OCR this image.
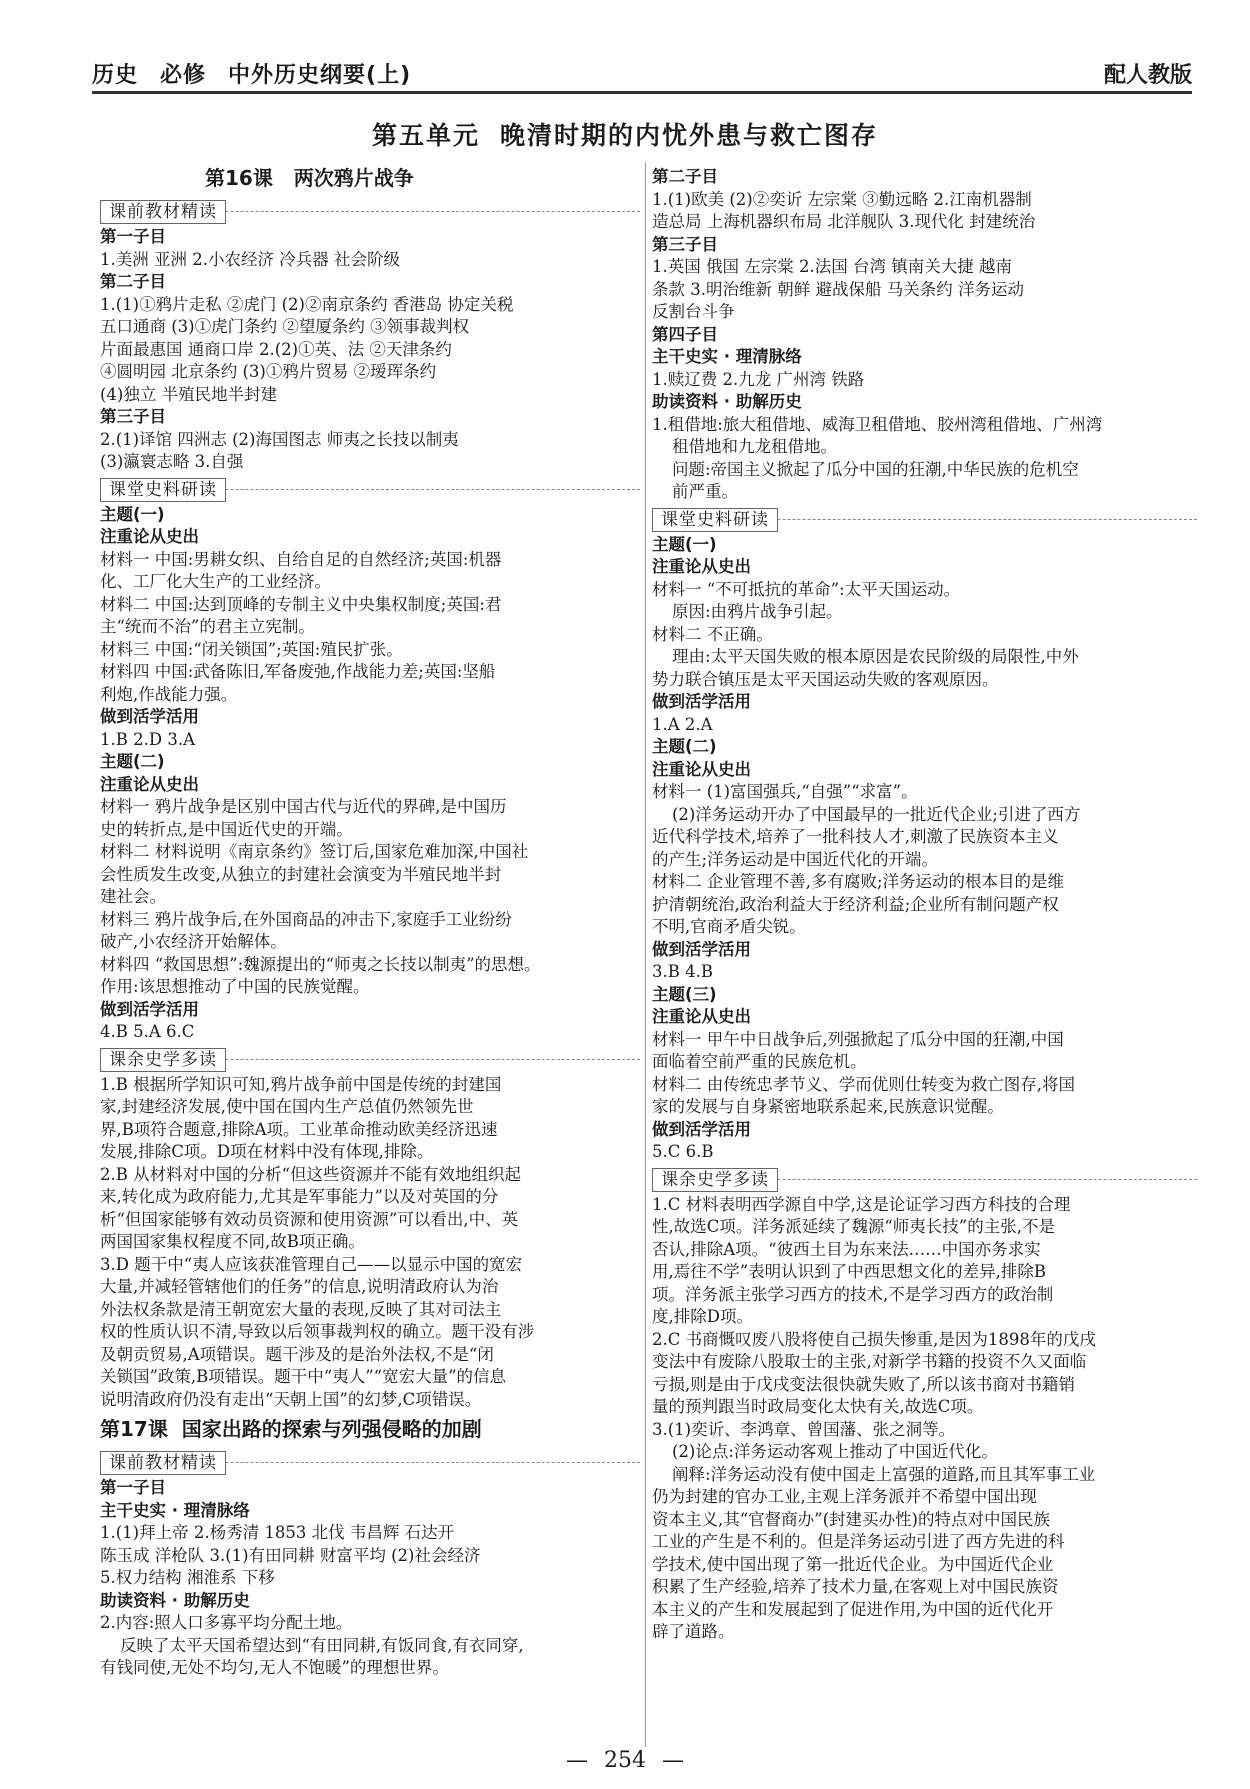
历史 必修 中外历史纲要(上)	配人教版
第五单元 晚清时期的内忧外患与救亡图存
第16课 两次鸦片战争
课前教材精读
第一子目
1.美洲 亚洲 2.小农经济 冷兵器 社会阶级
第二子目
1.(1)①鸦片走私 ②虎门 (2)②南京条约 香港岛 协定关税
五口通商 (3)①虎门条约 ②望厦条约 ③领事裁判权
片面最惠国 通商口岸 2.(2)①英、法 ②天津条约
④圆明园 北京条约 (3)①鸦片贸易 ②瑷珲条约
(4)独立 半殖民地半封建
第三子目
2.(1)译馆 四洲志 (2)海国图志 师夷之长技以制夷
(3)瀛寰志略 3.自强
课堂史料研读
主题(一)
注重论从史出
材料一 中国:男耕女织、自给自足的自然经济;英国:机器
化、工厂化大生产的工业经济。
材料二 中国:达到顶峰的专制主义中央集权制度;英国:君
主“统而不治”的君主立宪制。
材料三 中国:“闭关锁国”;英国:殖民扩张。
材料四 中国:武备陈旧,军备废弛,作战能力差;英国:坚船
利炮,作战能力强。
做到活学活用
1.B 2.D 3.A
主题(二)
注重论从史出
材料一 鸦片战争是区别中国古代与近代的界碑,是中国历
史的转折点,是中国近代史的开端。
材料二 材料说明《南京条约》签订后,国家危难加深,中国社
会性质发生改变,从独立的封建社会演变为半殖民地半封
建社会。
材料三 鸦片战争后,在外国商品的冲击下,家庭手工业纷纷
破产,小农经济开始解体。
材料四 “救国思想”:魏源提出的“师夷之长技以制夷”的思想。
作用:该思想推动了中国的民族觉醒。
做到活学活用
4.B 5.A 6.C
课余史学多读
1.B 根据所学知识可知,鸦片战争前中国是传统的封建国
家,封建经济发展,使中国在国内生产总值仍然领先世
界,B项符合题意,排除A项。工业革命推动欧美经济迅速
发展,排除C项。D项在材料中没有体现,排除。
2.B 从材料对中国的分析“但这些资源并不能有效地组织起
来,转化成为政府能力,尤其是军事能力”以及对英国的分
析“但国家能够有效动员资源和使用资源”可以看出,中、英
两国国家集权程度不同,故B项正确。
3.D 题干中“夷人应该获准管理自己——以显示中国的宽宏
大量,并减轻管辖他们的任务”的信息,说明清政府认为治
外法权条款是清王朝宽宏大量的表现,反映了其对司法主
权的性质认识不清,导致以后领事裁判权的确立。题干没有涉
及朝贡贸易,A项错误。题干涉及的是治外法权,不是“闭
关锁国”政策,B项错误。题干中“夷人”“宽宏大量”的信息
说明清政府仍没有走出“天朝上国”的幻梦,C项错误。
第17课 国家出路的探索与列强侵略的加剧
课前教材精读
第一子目
主干史实 · 理清脉络
1.(1)拜上帝 2.杨秀清 1853 北伐 韦昌辉 石达开
陈玉成 洋枪队 3.(1)有田同耕 财富平均 (2)社会经济
5.权力结构 湘淮系 下移
助读资料 · 助解历史
2.内容:照人口多寡平均分配土地。
反映了太平天国希望达到“有田同耕,有饭同食,有衣同穿,
有钱同使,无处不均匀,无人不饱暖”的理想世界。
第二子目
1.(1)欧美 (2)②奕䜣 左宗棠 ③勤远略 2.江南机器制
造总局 上海机器织布局 北洋舰队 3.现代化 封建统治
第三子目
1.英国 俄国 左宗棠 2.法国 台湾 镇南关大捷 越南
条款 3.明治维新 朝鲜 避战保船 马关条约 洋务运动
反割台斗争
第四子目
主干史实 · 理清脉络
1.赎辽费 2.九龙 广州湾 铁路
助读资料 · 助解历史
1.租借地:旅大租借地、威海卫租借地、胶州湾租借地、广州湾
租借地和九龙租借地。
问题:帝国主义掀起了瓜分中国的狂潮,中华民族的危机空
前严重。
课堂史料研读
主题(一)
注重论从史出
材料一 “不可抵抗的革命”:太平天国运动。
原因:由鸦片战争引起。
材料二 不正确。
理由:太平天国失败的根本原因是农民阶级的局限性,中外
势力联合镇压是太平天国运动失败的客观原因。
做到活学活用
1.A 2.A
主题(二)
注重论从史出
材料一 (1)富国强兵,“自强”“求富”。
(2)洋务运动开办了中国最早的一批近代企业;引进了西方
近代科学技术,培养了一批科技人才,刺激了民族资本主义
的产生;洋务运动是中国近代化的开端。
材料二 企业管理不善,多有腐败;洋务运动的根本目的是维
护清朝统治,政治利益大于经济利益;企业所有制问题产权
不明,官商矛盾尖锐。
做到活学活用
3.B 4.B
主题(三)
注重论从史出
材料一 甲午中日战争后,列强掀起了瓜分中国的狂潮,中国
面临着空前严重的民族危机。
材料二 由传统忠孝节义、学而优则仕转变为救亡图存,将国
家的发展与自身紧密地联系起来,民族意识觉醒。
做到活学活用
5.C 6.B
课余史学多读
1.C 材料表明西学源自中学,这是论证学习西方科技的合理
性,故选C项。洋务派延续了魏源“师夷长技”的主张,不是
否认,排除A项。“彼西土目为东来法……中国亦务求实
用,焉往不学”表明认识到了中西思想文化的差异,排除B
项。洋务派主张学习西方的技术,不是学习西方的政治制
度,排除D项。
2.C 书商慨叹废八股将使自己损失惨重,是因为1898年的戊戌
变法中有废除八股取士的主张,对新学书籍的投资不久又面临
亏损,则是由于戊戌变法很快就失败了,所以该书商对书籍销
量的预判跟当时政局变化太快有关,故选C项。
3.(1)奕䜣、李鸿章、曾国藩、张之洞等。
(2)论点:洋务运动客观上推动了中国近代化。
阐释:洋务运动没有使中国走上富强的道路,而且其军事工业
仍为封建的官办工业,主观上洋务派并不希望中国出现
资本主义,其“官督商办”(封建买办性)的特点对中国民族
工业的产生是不利的。但是洋务运动引进了西方先进的科
学技术,使中国出现了第一批近代企业。为中国近代企业
积累了生产经验,培养了技术力量,在客观上对中国民族资
本主义的产生和发展起到了促进作用,为中国的近代化开
辟了道路。
— 254 —
